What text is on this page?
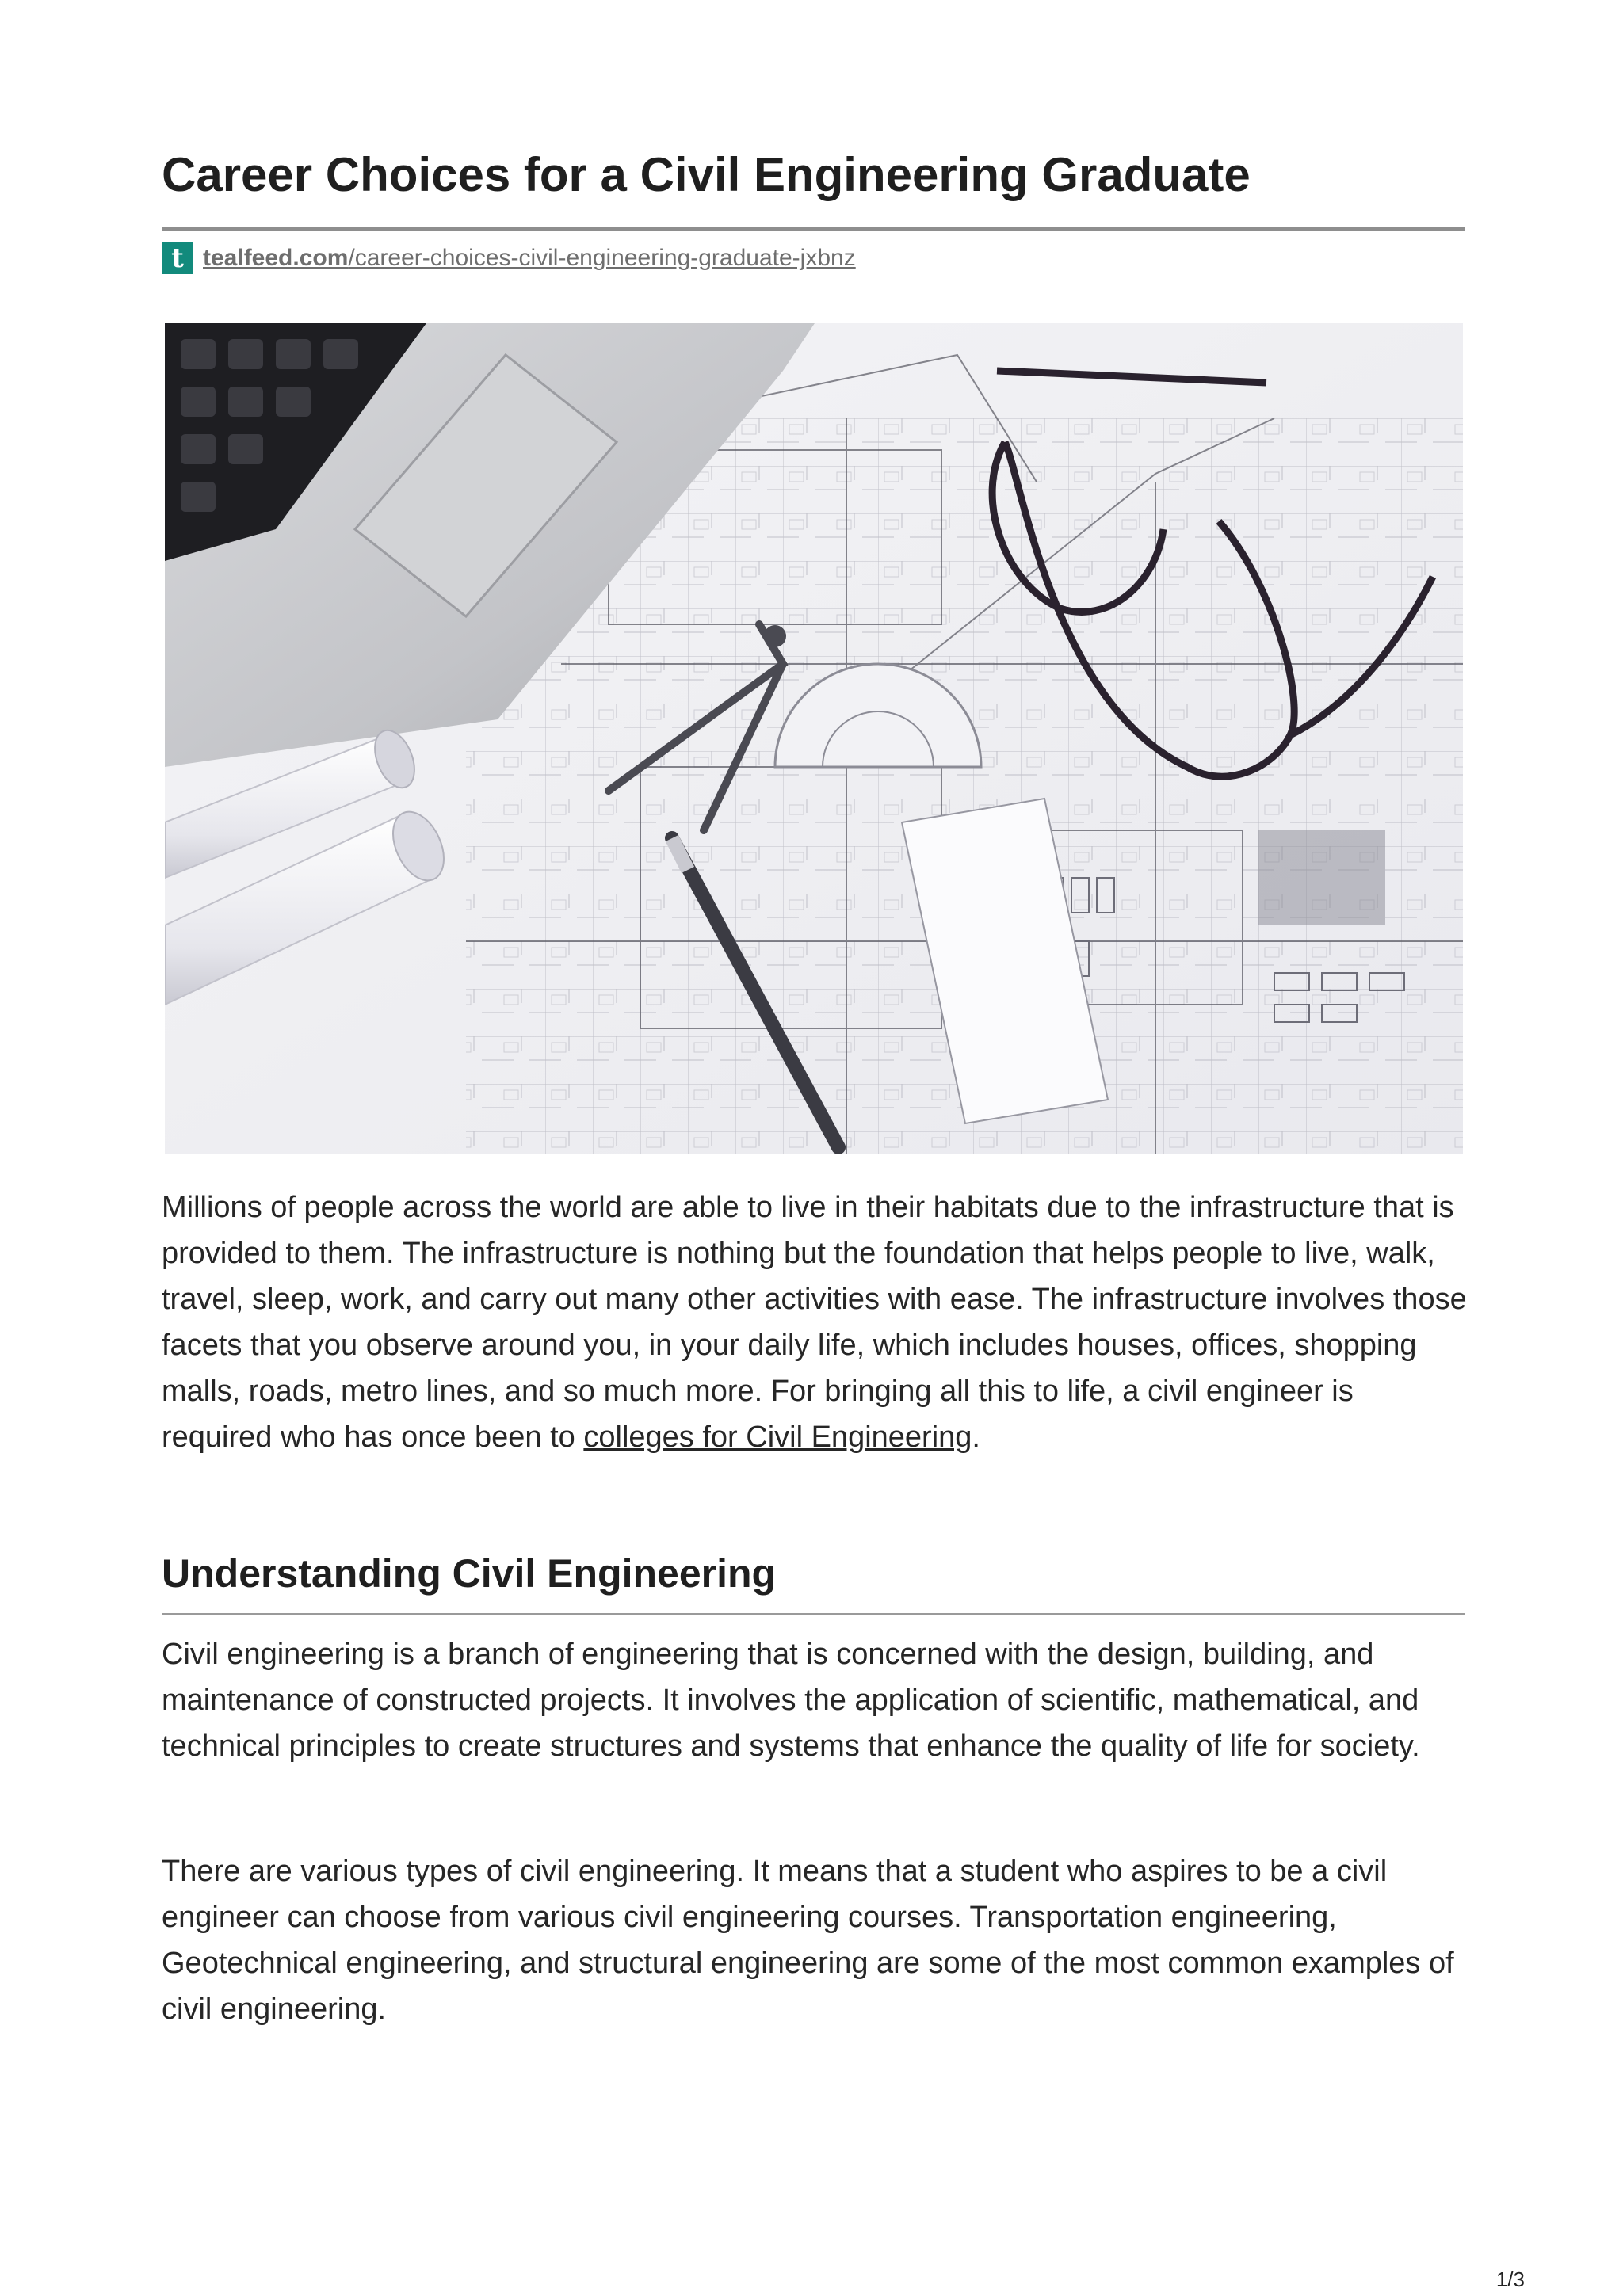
Career Choices for a Civil Engineering Graduate
t tealfeed.com/career-choices-civil-engineering-graduate-jxbnz

Millions of people across the world are able to live in their habitats due to the infrastructure that is provided to them. The infrastructure is nothing but the foundation that helps people to live, walk, travel, sleep, work, and carry out many other activities with ease. The infrastructure involves those facets that you observe around you, in your daily life, which includes houses, offices, shopping malls, roads, metro lines, and so much more. For bringing all this to life, a civil engineer is required who has once been to colleges for Civil Engineering.

Understanding Civil Engineering

Civil engineering is a branch of engineering that is concerned with the design, building, and maintenance of constructed projects. It involves the application of scientific, mathematical, and technical principles to create structures and systems that enhance the quality of life for society.

There are various types of civil engineering. It means that a student who aspires to be a civil engineer can choose from various civil engineering courses. Transportation engineering, Geotechnical engineering, and structural engineering are some of the most common examples of civil engineering.

1/3
